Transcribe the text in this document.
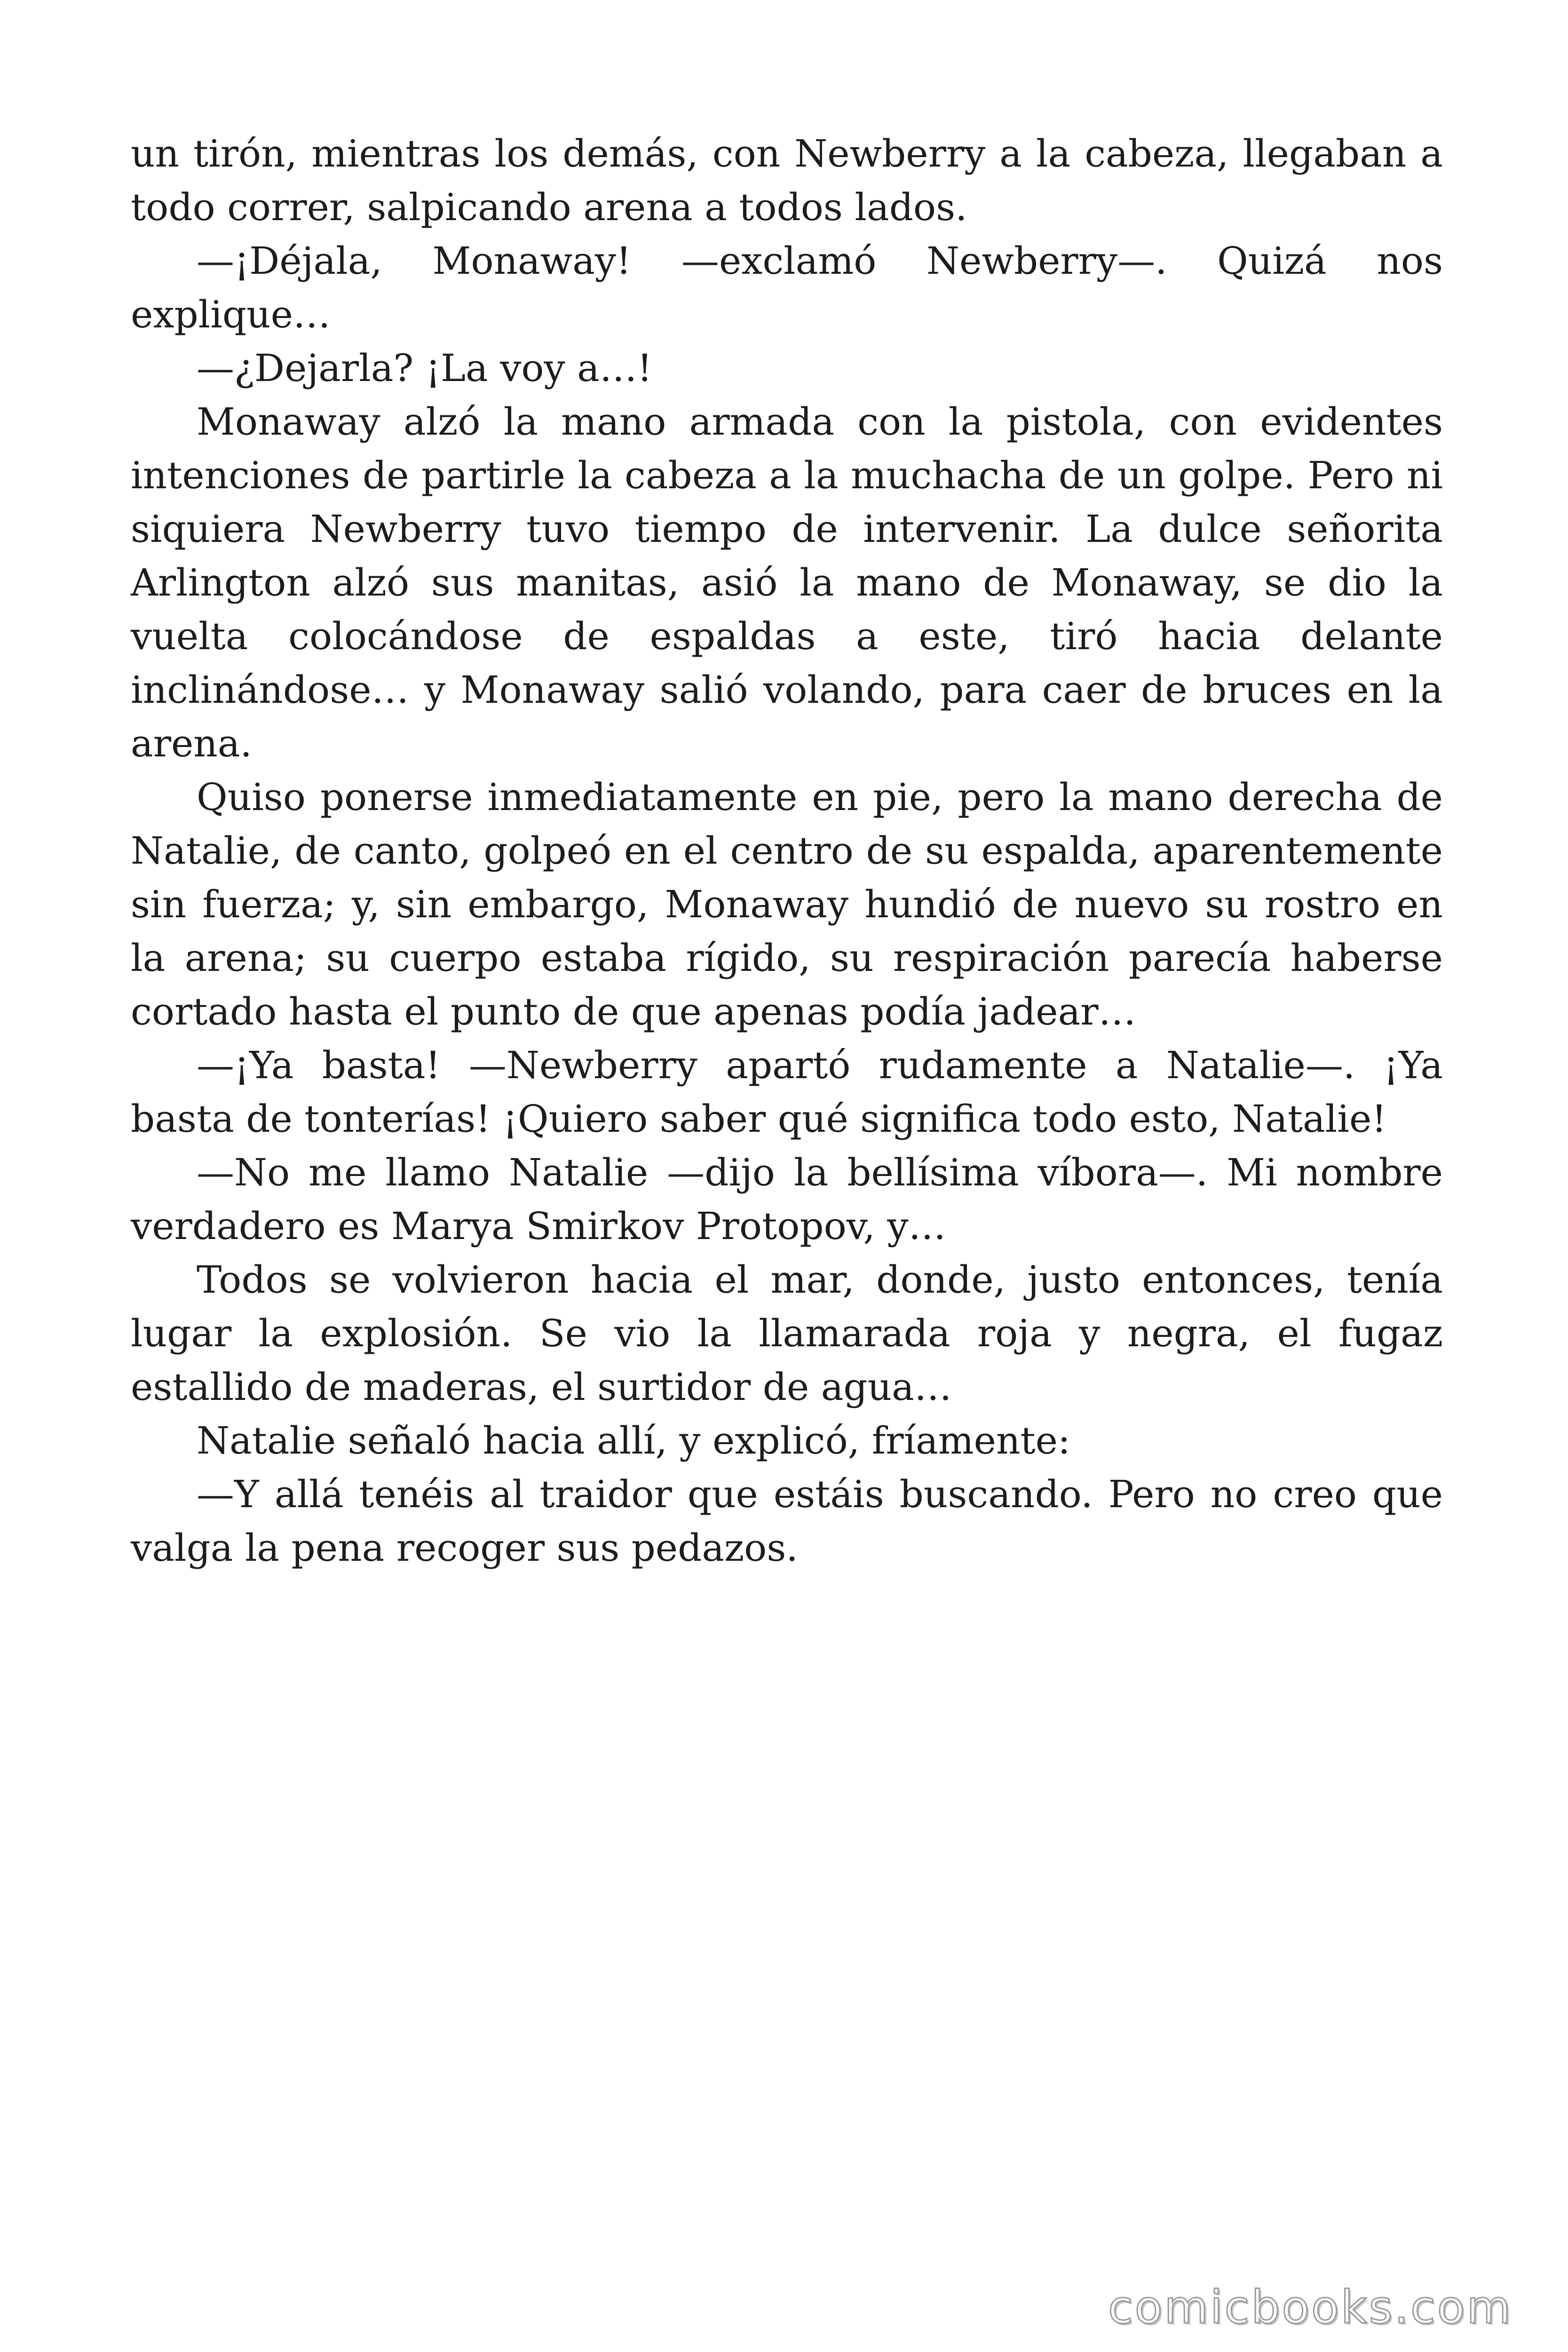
un tirón, mientras los demás, con Newberry a la cabeza, llegaban a todo correr, salpicando arena a todos lados.

—¡Déjala, Monaway! —exclamó Newberry—. Quizá nos explique…

—¿Dejarla? ¡La voy a…!

Monaway alzó la mano armada con la pistola, con evidentes intenciones de partirle la cabeza a la muchacha de un golpe. Pero ni siquiera Newberry tuvo tiempo de intervenir. La dulce señorita Arlington alzó sus manitas, asió la mano de Monaway, se dio la vuelta colocándose de espaldas a este, tiró hacia delante inclinándose… y Monaway salió volando, para caer de bruces en la arena.

Quiso ponerse inmediatamente en pie, pero la mano derecha de Natalie, de canto, golpeó en el centro de su espalda, aparentemente sin fuerza; y, sin embargo, Monaway hundió de nuevo su rostro en la arena; su cuerpo estaba rígido, su respiración parecía haberse cortado hasta el punto de que apenas podía jadear…

—¡Ya basta! —Newberry apartó rudamente a Natalie—. ¡Ya basta de tonterías! ¡Quiero saber qué significa todo esto, Natalie!

—No me llamo Natalie —dijo la bellísima víbora—. Mi nombre verdadero es Marya Smirkov Protopov, y…

Todos se volvieron hacia el mar, donde, justo entonces, tenía lugar la explosión. Se vio la llamarada roja y negra, el fugaz estallido de maderas, el surtidor de agua…

Natalie señaló hacia allí, y explicó, fríamente:

—Y allá tenéis al traidor que estáis buscando. Pero no creo que valga la pena recoger sus pedazos.

comicbooks.com
